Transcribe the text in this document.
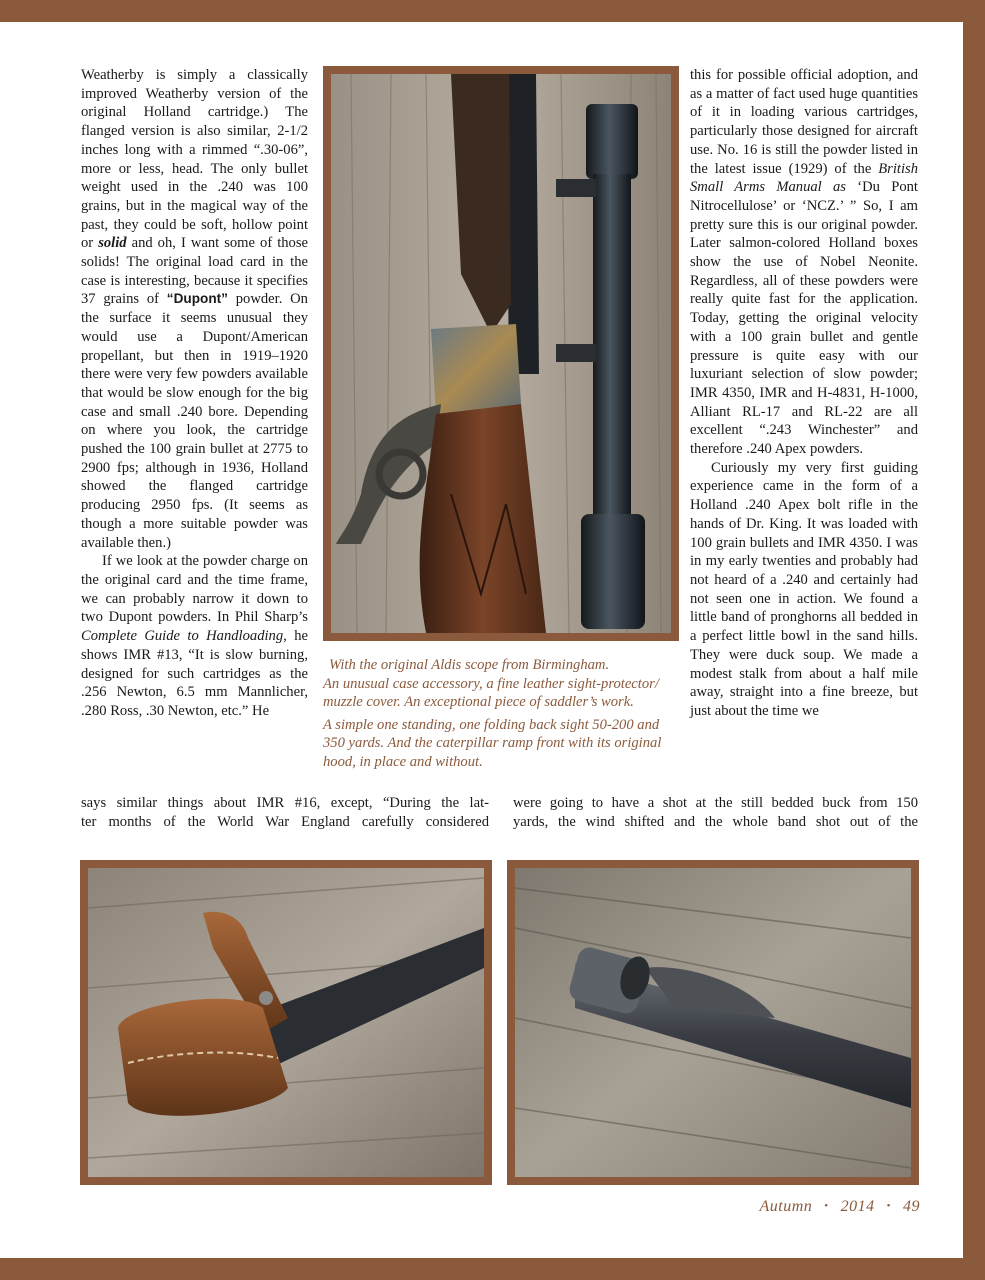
Weatherby is simply a classically improved Weatherby version of the original Holland cartridge.) The flanged version is also similar, 2-1/2 inches long with a rimmed “.30-06”, more or less, head. The only bullet weight used in the .240 was 100 grains, but in the magical way of the past, they could be soft, hollow point or solid and oh, I want some of those solids! The original load card in the case is interesting, because it specifies 37 grains of “Dupont” powder. On the surface it seems unusual they would use a Dupont/American propellant, but then in 1919–1920 there were very few powders available that would be slow enough for the big case and small .240 bore. Depending on where you look, the cartridge pushed the 100 grain bullet at 2775 to 2900 fps; although in 1936, Holland showed the flanged cartridge producing 2950 fps. (It seems as though a more suitable powder was available then.)

If we look at the powder charge on the original card and the time frame, we can probably narrow it down to two Dupont powders. In Phil Sharp’s Complete Guide to Handloading, he shows IMR #13, “It is slow burning, designed for such cartridges as the .256 Newton, 6.5 mm Mannlicher, .280 Ross, .30 Newton, etc.” He

With the original Aldis scope from Birmingham.

An unusual case accessory, a fine leather sight-protector/ muzzle cover. An exceptional piece of saddler’s work.

A simple one standing, one folding back sight 50-200 and 350 yards. And the caterpillar ramp front with its original hood, in place and without.

this for possible official adoption, and as a matter of fact used huge quantities of it in loading various cartridges, particularly those designed for aircraft use. No. 16 is still the powder listed in the latest issue (1929) of the British Small Arms Manual as ‘Du Pont Nitrocellulose’ or ‘NCZ.’ ” So, I am pretty sure this is our original powder. Later salmon-colored Holland boxes show the use of Nobel Neonite. Regardless, all of these powders were really quite fast for the application. Today, getting the original velocity with a 100 grain bullet and gentle pressure is quite easy with our luxuriant selection of slow powder; IMR 4350, IMR and H-4831, H-1000, Alliant RL-17 and RL-22 are all excellent “.243 Winchester” and therefore .240 Apex powders.

Curiously my very first guiding experience came in the form of a Holland .240 Apex bolt rifle in the hands of Dr. King. It was loaded with 100 grain bullets and IMR 4350. I was in my early twenties and probably had not heard of a .240 and certainly had not seen one in action. We found a little band of pronghorns all bedded in a perfect little bowl in the sand hills. They were duck soup. We made a modest stalk from about a half mile away, straight into a fine breeze, but just about the time we

says similar things about IMR #16, except, “During the lat-
ter months of the World War England carefully considered
were going to have a shot at the still bedded buck from 150
yards, the wind shifted and the whole band shot out of the
Autumn • 2014 • 49
